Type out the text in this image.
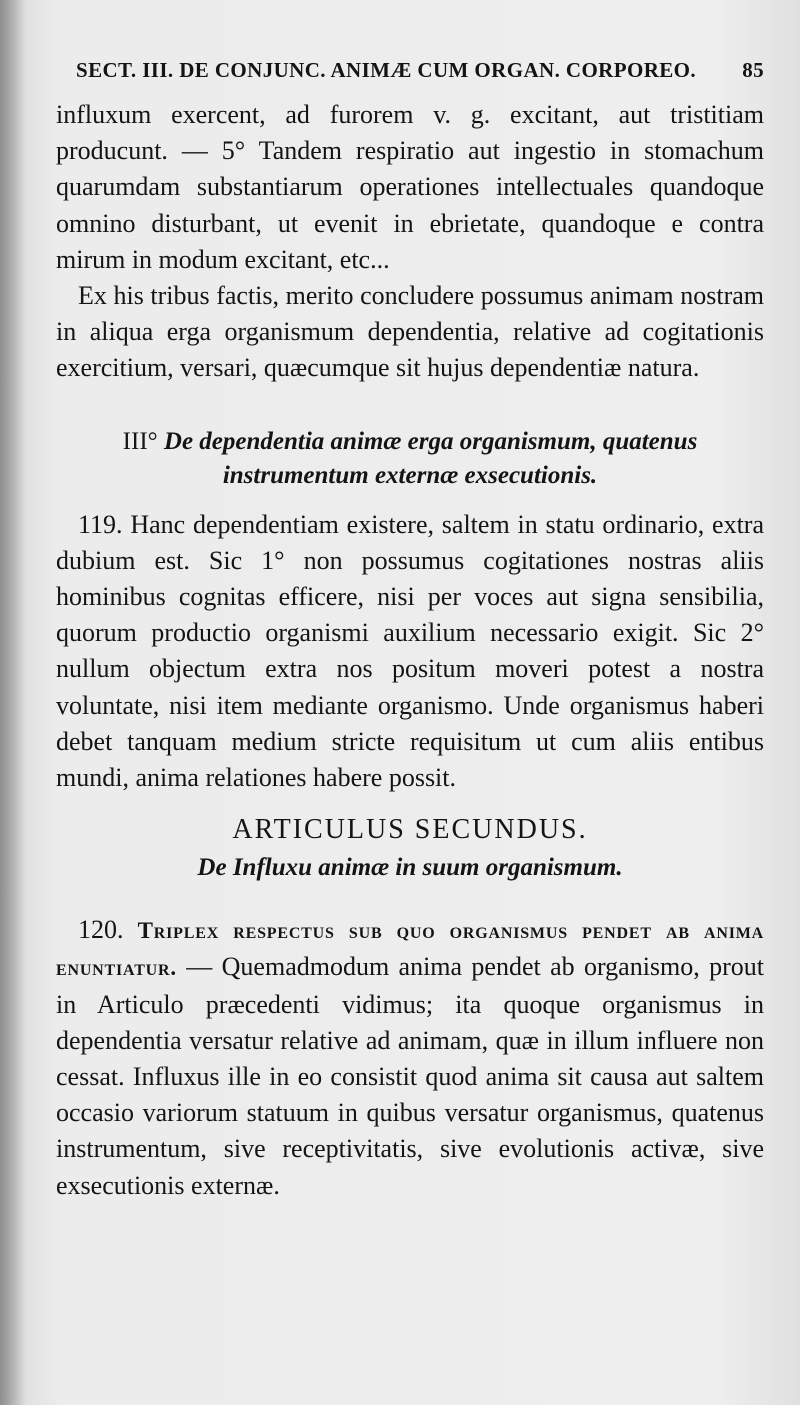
SECT. III. DE CONJUNC. ANIMÆ CUM ORGAN. CORPOREO. 85

influxum exercent, ad furorem v. g. excitant, aut tristitiam producunt. — 5° Tandem respiratio aut ingestio in stomachum quarumdam substantiarum operationes intellectuales quandoque omnino disturbant, ut evenit in ebrietate, quandoque e contra mirum in modum excitant, etc...

Ex his tribus factis, merito concludere possumus animam nostram in aliqua erga organismum dependentia, relative ad cogitationis exercitium, versari, quæcumque sit hujus dependentiæ natura.

III° De dependentia animæ erga organismum, quatenus instrumentum externæ exsecutionis.

119. Hanc dependentiam existere, saltem in statu ordinario, extra dubium est. Sic 1° non possumus cogitationes nostras aliis hominibus cognitas efficere, nisi per voces aut signa sensibilia, quorum productio organismi auxilium necessario exigit. Sic 2° nullum objectum extra nos positum moveri potest a nostra voluntate, nisi item mediante organismo. Unde organismus haberi debet tanquam medium stricte requisitum ut cum aliis entibus mundi, anima relationes habere possit.

ARTICULUS SECUNDUS.
De Influxu animæ in suum organismum.

120. Triplex respectus sub quo organismus pendet ab anima enuntiatur. — Quemadmodum anima pendet ab organismo, prout in Articulo præcedenti vidimus; ita quoque organismus in dependentia versatur relative ad animam, quæ in illum influere non cessat. Influxus ille in eo consistit quod anima sit causa aut saltem occasio variorum statuum in quibus versatur organismus, quatenus instrumentum, sive receptivitatis, sive evolutionis activæ, sive exsecutionis externæ.
